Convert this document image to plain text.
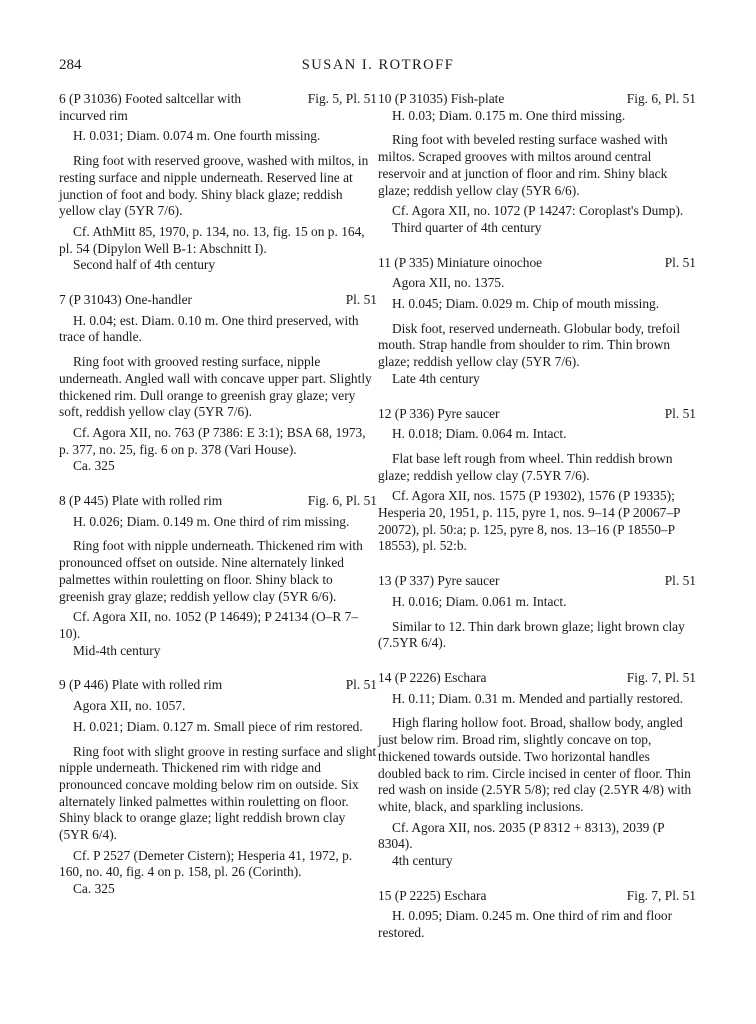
284	SUSAN I. ROTROFF
6 (P 31036) Footed saltcellar with incurved rim
Fig. 5, Pl. 51

H. 0.031; Diam. 0.074 m. One fourth missing.

Ring foot with reserved groove, washed with miltos, in resting surface and nipple underneath. Reserved line at junction of foot and body. Shiny black glaze; reddish yellow clay (5YR 7/6).

Cf. AthMitt 85, 1970, p. 134, no. 13, fig. 15 on p. 164, pl. 54 (Dipylon Well B-1: Abschnitt I).

Second half of 4th century

7 (P 31043) One-handler	Pl. 51

H. 0.04; est. Diam. 0.10 m. One third preserved, with trace of handle.

Ring foot with grooved resting surface, nipple underneath. Angled wall with concave upper part. Slightly thickened rim. Dull orange to greenish gray glaze; very soft, reddish yellow clay (5YR 7/6).

Cf. Agora XII, no. 763 (P 7386: E 3:1); BSA 68, 1973, p. 377, no. 25, fig. 6 on p. 378 (Vari House).

Ca. 325

8 (P 445) Plate with rolled rim	Fig. 6, Pl. 51

H. 0.026; Diam. 0.149 m. One third of rim missing.

Ring foot with nipple underneath. Thickened rim with pronounced offset on outside. Nine alternately linked palmettes within rouletting on floor. Shiny black to greenish gray glaze; reddish yellow clay (5YR 6/6).

Cf. Agora XII, no. 1052 (P 14649); P 24134 (O–R 7–10).

Mid-4th century

9 (P 446) Plate with rolled rim	Pl. 51

Agora XII, no. 1057.

H. 0.021; Diam. 0.127 m. Small piece of rim restored.

Ring foot with slight groove in resting surface and slight nipple underneath. Thickened rim with ridge and pronounced concave molding below rim on outside. Six alternately linked palmettes within rouletting on floor. Shiny black to orange glaze; light reddish brown clay (5YR 6/4).

Cf. P 2527 (Demeter Cistern); Hesperia 41, 1972, p. 160, no. 40, fig. 4 on p. 158, pl. 26 (Corinth).

Ca. 325

10 (P 31035) Fish-plate	Fig. 6, Pl. 51

H. 0.03; Diam. 0.175 m. One third missing.

Ring foot with beveled resting surface washed with miltos. Scraped grooves with miltos around central reservoir and at junction of floor and rim. Shiny black glaze; reddish yellow clay (5YR 6/6).

Cf. Agora XII, no. 1072 (P 14247: Coroplast's Dump).

Third quarter of 4th century

11 (P 335) Miniature oinochoe	Pl. 51

Agora XII, no. 1375.

H. 0.045; Diam. 0.029 m. Chip of mouth missing.

Disk foot, reserved underneath. Globular body, trefoil mouth. Strap handle from shoulder to rim. Thin brown glaze; reddish yellow clay (5YR 7/6).

Late 4th century

12 (P 336) Pyre saucer	Pl. 51

H. 0.018; Diam. 0.064 m. Intact.

Flat base left rough from wheel. Thin reddish brown glaze; reddish yellow clay (7.5YR 7/6).

Cf. Agora XII, nos. 1575 (P 19302), 1576 (P 19335); Hesperia 20, 1951, p. 115, pyre 1, nos. 9–14 (P 20067–P 20072), pl. 50:a; p. 125, pyre 8, nos. 13–16 (P 18550–P 18553), pl. 52:b.

13 (P 337) Pyre saucer	Pl. 51

H. 0.016; Diam. 0.061 m. Intact.

Similar to 12. Thin dark brown glaze; light brown clay (7.5YR 6/4).

14 (P 2226) Eschara	Fig. 7, Pl. 51

H. 0.11; Diam. 0.31 m. Mended and partially restored.

High flaring hollow foot. Broad, shallow body, angled just below rim. Broad rim, slightly concave on top, thickened towards outside. Two horizontal handles doubled back to rim. Circle incised in center of floor. Thin red wash on inside (2.5YR 5/8); red clay (2.5YR 4/8) with white, black, and sparkling inclusions.

Cf. Agora XII, nos. 2035 (P 8312 + 8313), 2039 (P 8304).

4th century

15 (P 2225) Eschara	Fig. 7, Pl. 51

H. 0.095; Diam. 0.245 m. One third of rim and floor restored.
